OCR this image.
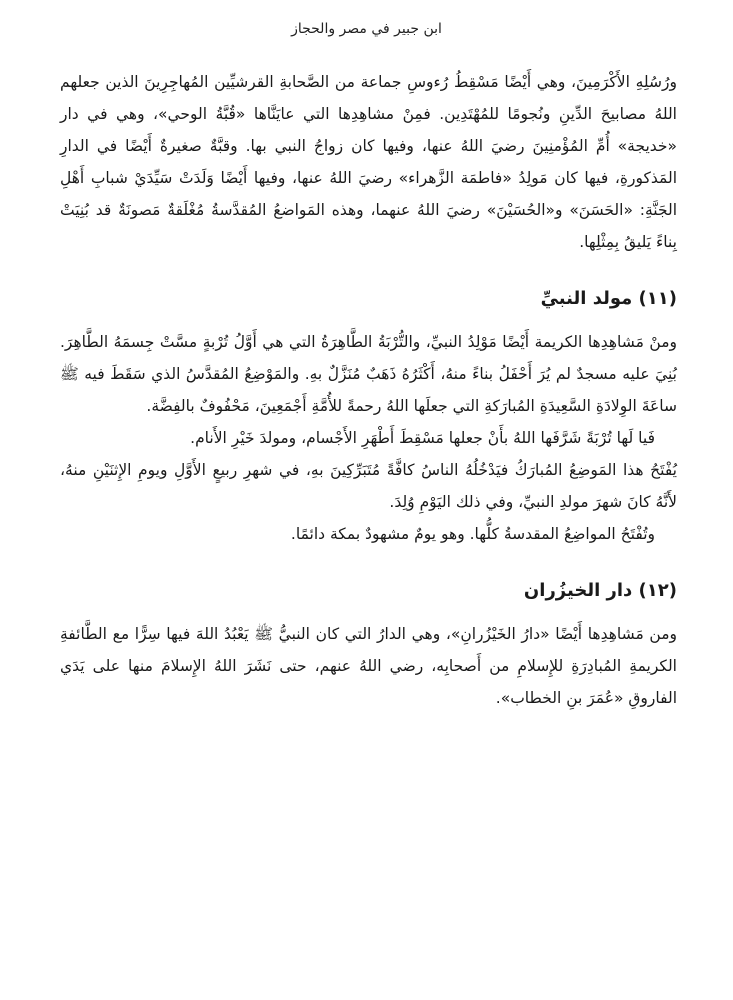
ابن جبير في مصر والحجاز

ورُسُلِهِ الأَكْرَمِينَ، وهي أَيْضًا مَسْقِطُ رُءوسِ جماعة من الصَّحابةِ القرشيِّين المُهاجِرِينَ الذين جعلهم اللهُ مصابيحَ الدِّينِ ونُجومًا للمُهْتَدِين. فمِنْ مشاهِدِها التي عايَنَّاها «قُبَّةُ الوحي»، وهي في دار «خديجة» أُمِّ المُؤْمنِينَ رضيَ اللهُ عنها، وفيها كان زواجُ النبي بها. وقبَّةٌ صغيرةٌ أَيْضًا في الدارِ المَذكورةِ، فيها كان مَولِدُ «فاطمَة الزَّهراء» رضيَ اللهُ عنها، وفيها أَيْضًا وَلَدَتْ سَيِّدَيْ شبابِ أَهْلِ الجَنَّةِ: «الحَسَنَ» و«الحُسَيْنَ» رضيَ اللهُ عنهما، وهذه المَواضعُ المُقدَّسةُ مُغْلَقةٌ مَصونَةٌ قد بُنِيَتْ بِناءً يَليقُ بِمِثْلِها.

(١١) مولد النبيِّ

ومنْ مَشاهِدِها الكريمة أَيْضًا مَوْلِدُ النبيِّ، والتُّرْبَةُ الطَّاهِرَةُ التي هي أَوَّلُ تُرْبةٍ مسَّتْ جِسمَهُ الطَّاهِرَ. بُنِيَ عليه مسجدٌ لم يُرَ أَحْفَلُ بناءً منهُ، أَكْثَرُهُ ذَهَبٌ مُنَزَّلٌ بهِ. والمَوْضِعُ المُقدَّسُ الذي سَقَطَ فيه ﷺ ساعَةَ الوِلادَةِ السَّعِيدَةِ المُبارَكةِ التي جعلَها اللهُ رحمةً للأُمَّةِ أَجْمَعِينَ، مَحْفُوفٌ بالفِضَّة.

فَيا لَها تُرْبَةً شَرَّفَها اللهُ بأَنْ جعلها مَسْقِطَ أَطْهَرِ الأَجْسام، ومولدَ خَيْرِ الأَنام.

يُفْتَحُ هذا المَوضِعُ المُبارَكُ فيَدْخُلُهُ الناسُ كافَّةً مُتَبَرِّكِينَ بهِ، في شهرِ ربيعٍ الأَوَّلِ ويومِ الإِثنَيْنِ منهُ، لأَنَّهُ كانَ شهرَ مولدِ النبيِّ، وفي ذلك اليَوْمِ وُلِدَ.

وتُفْتَحُ المواضِعُ المقدسةُ كلُّها. وهو يومٌ مشهودٌ بمكة دائمًا.

(١٢) دار الخيزُران

ومن مَشاهِدِها أَيْضًا «دارُ الخَيْزُرانِ»، وهي الدارُ التي كان النبيُّ ﷺ يَعْبُدُ اللهَ فيها سِرًّا مع الطَّائفةِ الكريمةِ المُبادِرَةِ للإِسلامِ من أَصحابِه، رضي اللهُ عنهم، حتى نَشَرَ اللهُ الإِسلامَ منها على يَدَي الفاروقِ «عُمَرَ بنِ الخطاب».
